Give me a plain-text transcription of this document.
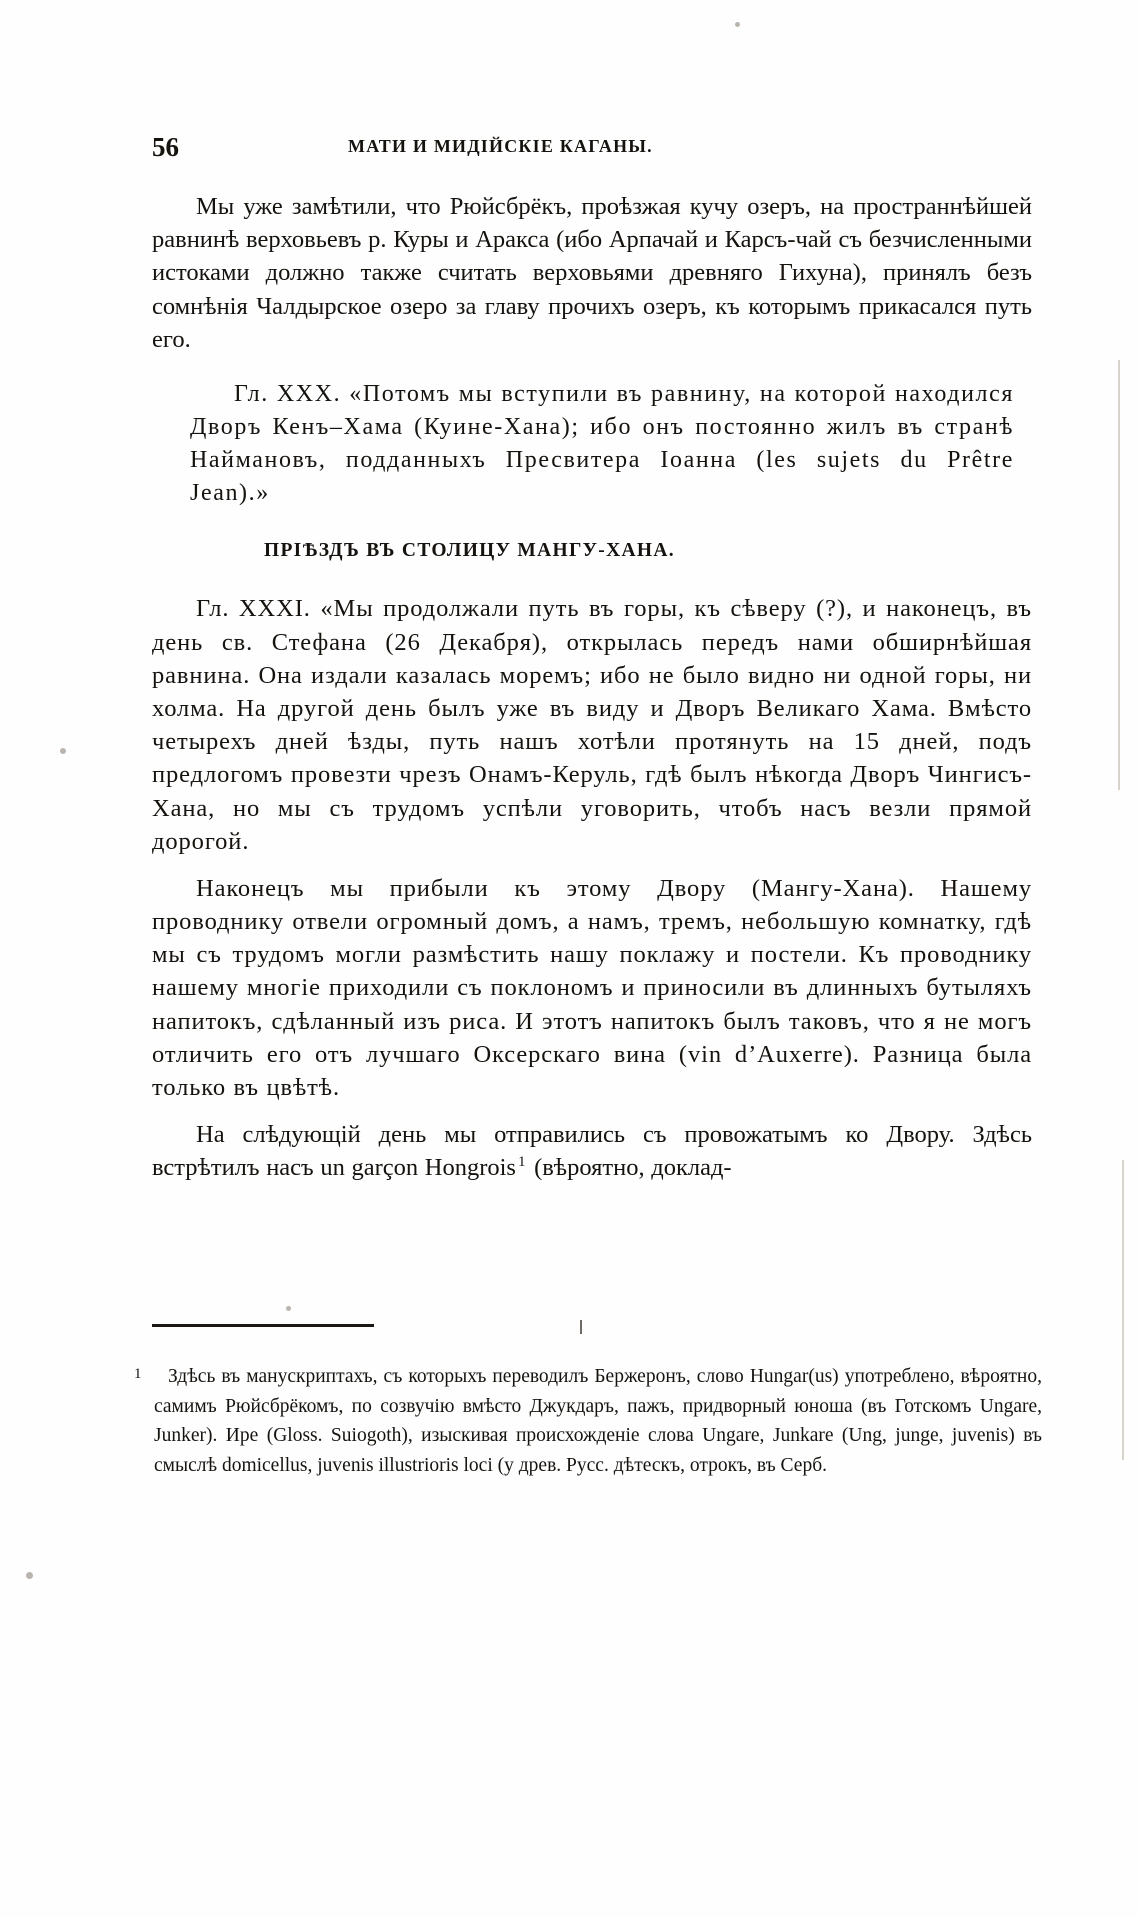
56	МАТИ И МИДІЙСКІЕ КАГАНЫ.

Мы уже замѣтили, что Рюйсбрёкъ, проѣзжая кучу озеръ, на пространнѣйшей равнинѣ верховьевъ р. Куры и Аракса (ибо Арпачай и Карсъ-чай съ безчисленными истоками должно также считать верховьями древняго Гихуна), принялъ безъ сомнѣнія Чалдырское озеро за главу прочихъ озеръ, къ которымъ прикасался путь его.

Гл. XXX. «Потомъ мы вступили въ равнину, на которой находился Дворъ Кенъ–Хама (Куине-Хана); ибо онъ постоянно жилъ въ странѣ Наймановъ, подданныхъ Пресвитера Іоанна (les sujets du Prêtre Jean).»

ПРІѢЗДЪ ВЪ СТОЛИЦУ МАНГУ-ХАНА.

Гл. XXXI. «Мы продолжали путь въ горы, къ сѣверу (?), и наконецъ, въ день св. Стефана (26 Декабря), открылась передъ нами обширнѣйшая равнина. Она издали казалась моремъ; ибо не было видно ни одной горы, ни холма. На другой день былъ уже въ виду и Дворъ Великаго Хама. Вмѣсто четырехъ дней ѣзды, путь нашъ хотѣли протянуть на 15 дней, подъ предлогомъ провезти чрезъ Онамъ-Керуль, гдѣ былъ нѣкогда Дворъ Чингисъ-Хана, но мы съ трудомъ успѣли уговорить, чтобъ насъ везли прямой дорогой.

Наконецъ мы прибыли къ этому Двору (Мангу-Хана). Нашему проводнику отвели огромный домъ, а намъ, тремъ, небольшую комнатку, гдѣ мы съ трудомъ могли размѣстить нашу поклажу и постели. Къ проводнику нашему многіе приходили съ поклономъ и приносили въ длинныхъ бутыляхъ напитокъ, сдѣланный изъ риса. И этотъ напитокъ былъ таковъ, что я не могъ отличить его отъ лучшаго Оксерскаго вина (vin d’Auxerre). Разница была только въ цвѣтѣ.

На слѣдующій день мы отправились съ провожатымъ ко Двору. Здѣсь встрѣтилъ насъ un garçon Hongrois $^1$ (вѣроятно, доклад-

1	Здѣсь въ манускриптахъ, съ которыхъ переводилъ Бержеронъ, слово Hungar(us) употреблено, вѣроятно, самимъ Рюйсбрёкомъ, по созвучію вмѣсто Джукдаръ, пажъ, придворный юноша (въ Готскомъ Ungare, Junker). Ире (Gloss. Suiogoth), изыскивая происхожденіе слова Ungare, Junkare (Ung, junge, juvenis) въ смыслѣ domicellus, juvenis illustrioris loci (у древ. Русс. дѣтескъ, отрокъ, въ Серб.
